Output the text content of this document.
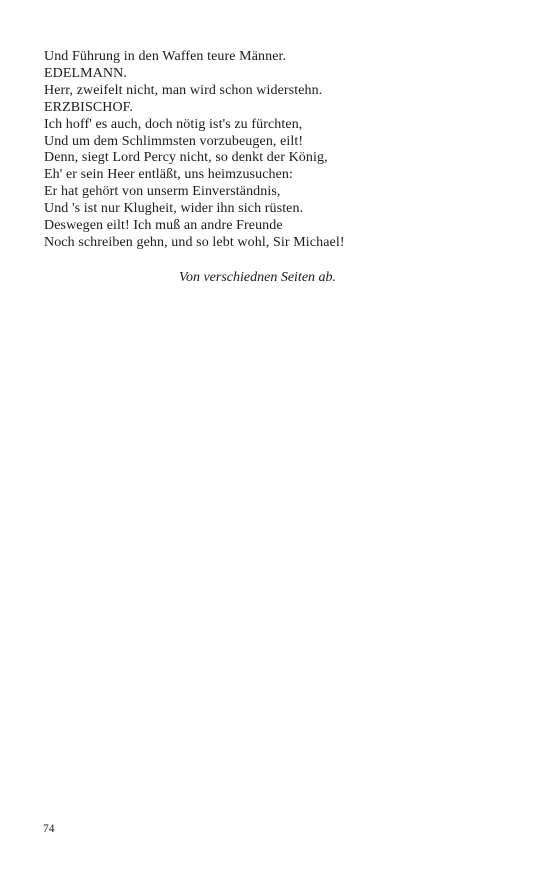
Und Führung in den Waffen teure Männer.
EDELMANN.
Herr, zweifelt nicht, man wird schon widerstehn.
ERZBISCHOF.
Ich hoff' es auch, doch nötig ist's zu fürchten,
Und um dem Schlimmsten vorzubeugen, eilt!
Denn, siegt Lord Percy nicht, so denkt der König,
Eh' er sein Heer entläßt, uns heimzusuchen:
Er hat gehört von unserm Einverständnis,
Und 's ist nur Klugheit, wider ihn sich rüsten.
Deswegen eilt! Ich muß an andre Freunde
Noch schreiben gehn, und so lebt wohl, Sir Michael!
Von verschiednen Seiten ab.
74
